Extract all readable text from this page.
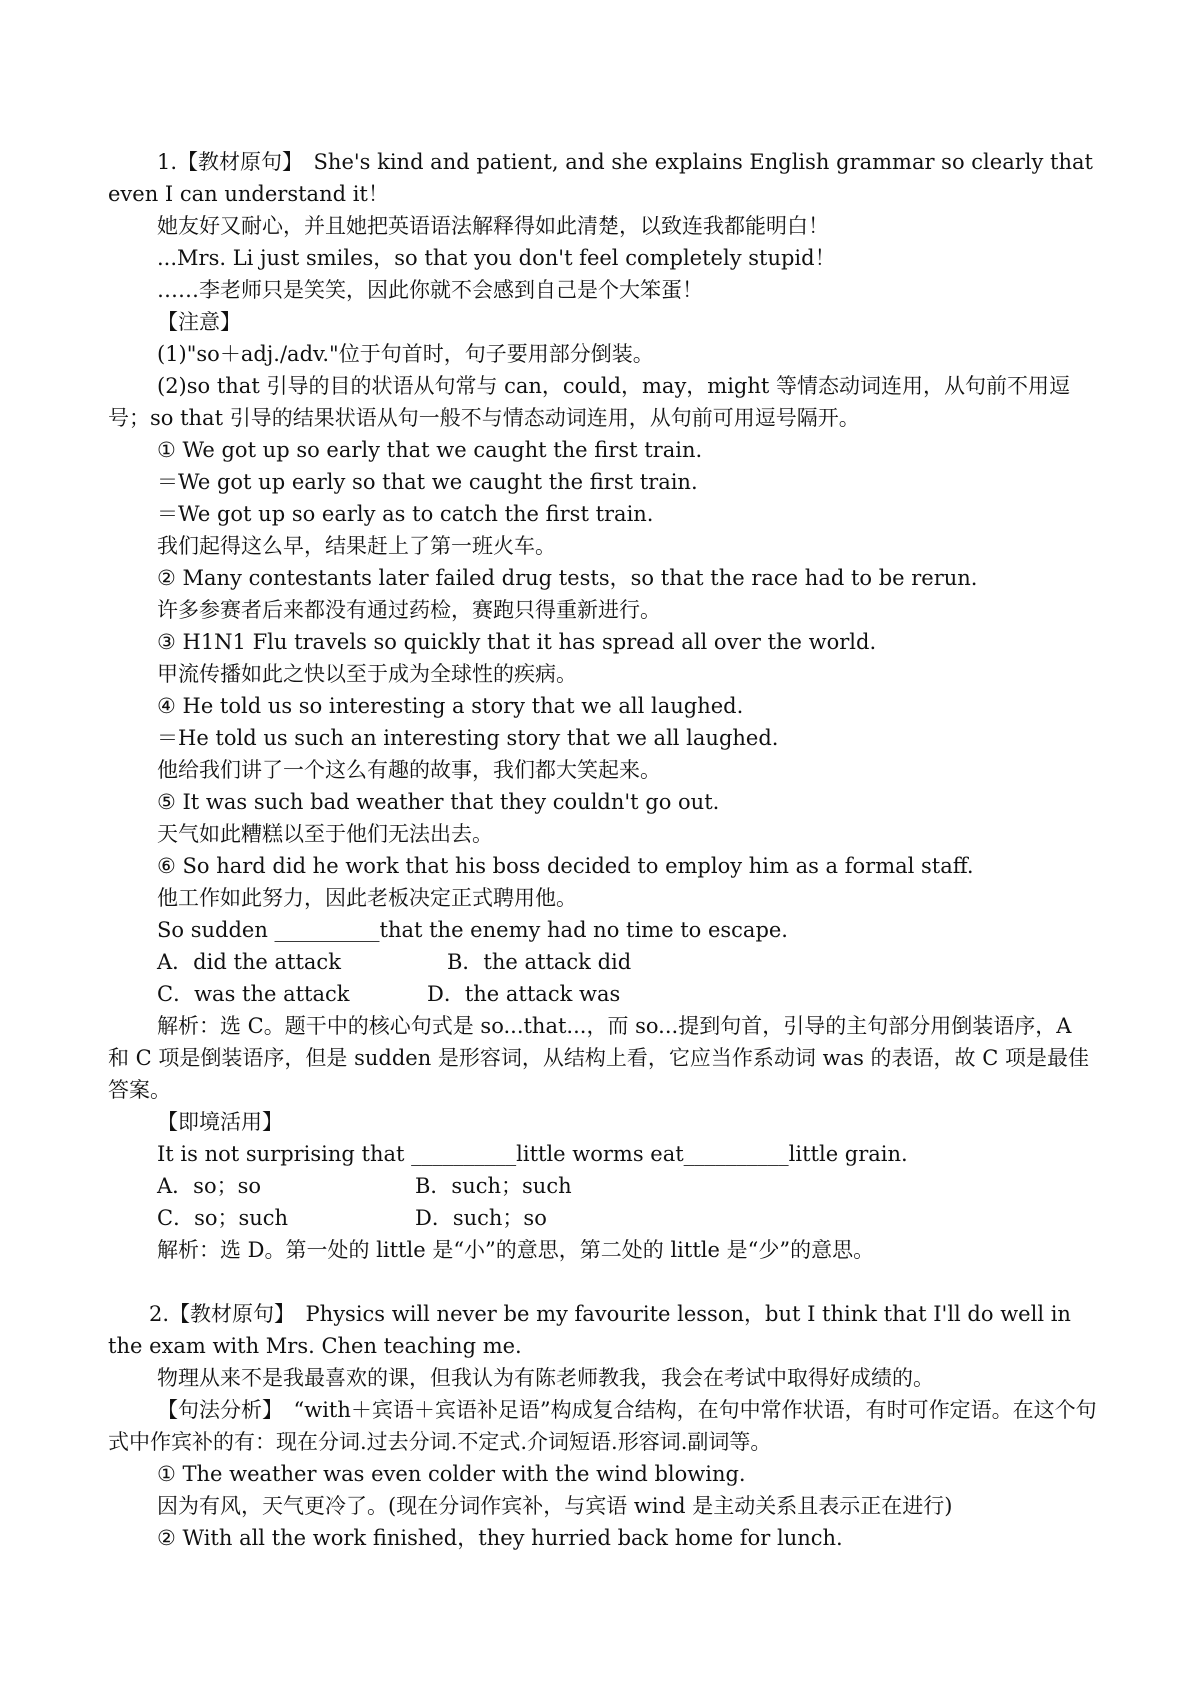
1.【教材原句】　She's kind and patient, and she explains English grammar so clearly that even I can understand it！

她友好又耐心，并且她把英语语法解释得如此清楚，以致连我都能明白！

...Mrs. Li just smiles，so that you don't feel completely stupid！

……李老师只是笑笑，因此你就不会感到自己是个大笨蛋！

【注意】

(1)"so＋adj./adv."位于句首时，句子要用部分倒装。

(2)so that 引导的目的状语从句常与 can，could，may，might 等情态动词连用，从句前不用逗号；so that 引导的结果状语从句一般不与情态动词连用，从句前可用逗号隔开。

① We got up so early that we caught the first train.

＝We got up early so that we caught the first train.

＝We got up so early as to catch the first train.

我们起得这么早，结果赶上了第一班火车。

② Many contestants later failed drug tests，so that the race had to be rerun.

许多参赛者后来都没有通过药检，赛跑只得重新进行。

③ H1N1 Flu travels so quickly that it has spread all over the world.

甲流传播如此之快以至于成为全球性的疾病。

④ He told us so interesting a story that we all laughed.

＝He told us such an interesting story that we all laughed.

他给我们讲了一个这么有趣的故事，我们都大笑起来。

⑤ It was such bad weather that they couldn't go out.

天气如此糟糕以至于他们无法出去。

⑥ So hard did he work that his boss decided to employ him as a formal staff.

他工作如此努力，因此老板决定正式聘用他。

So sudden __________that the enemy had no time to escape.

A．did the attack	B．the attack did
C．was the attack	D．the attack was

解析：选 C。题干中的核心句式是 so...that...，而 so...提到句首，引导的主句部分用倒装语序，A 和 C 项是倒装语序，但是 sudden 是形容词，从结构上看，它应当作系动词 was 的表语，故 C 项是最佳答案。

【即境活用】

It is not surprising that __________little worms eat__________little grain.

A．so；so	B．such；such
C．so；such	D．such；so

解析：选 D。第一处的 little 是“小”的意思，第二处的 little 是“少”的意思。

2.【教材原句】　Physics will never be my favourite lesson，but I think that I'll do well in the exam with Mrs. Chen teaching me.

物理从来不是我最喜欢的课，但我认为有陈老师教我，我会在考试中取得好成绩的。

【句法分析】　“with＋宾语＋宾语补足语”构成复合结构，在句中常作状语，有时可作定语。在这个句式中作宾补的有：现在分词.过去分词.不定式.介词短语.形容词.副词等。

① The weather was even colder with the wind blowing.

因为有风，天气更冷了。(现在分词作宾补，与宾语 wind 是主动关系且表示正在进行)

② With all the work finished，they hurried back home for lunch.
